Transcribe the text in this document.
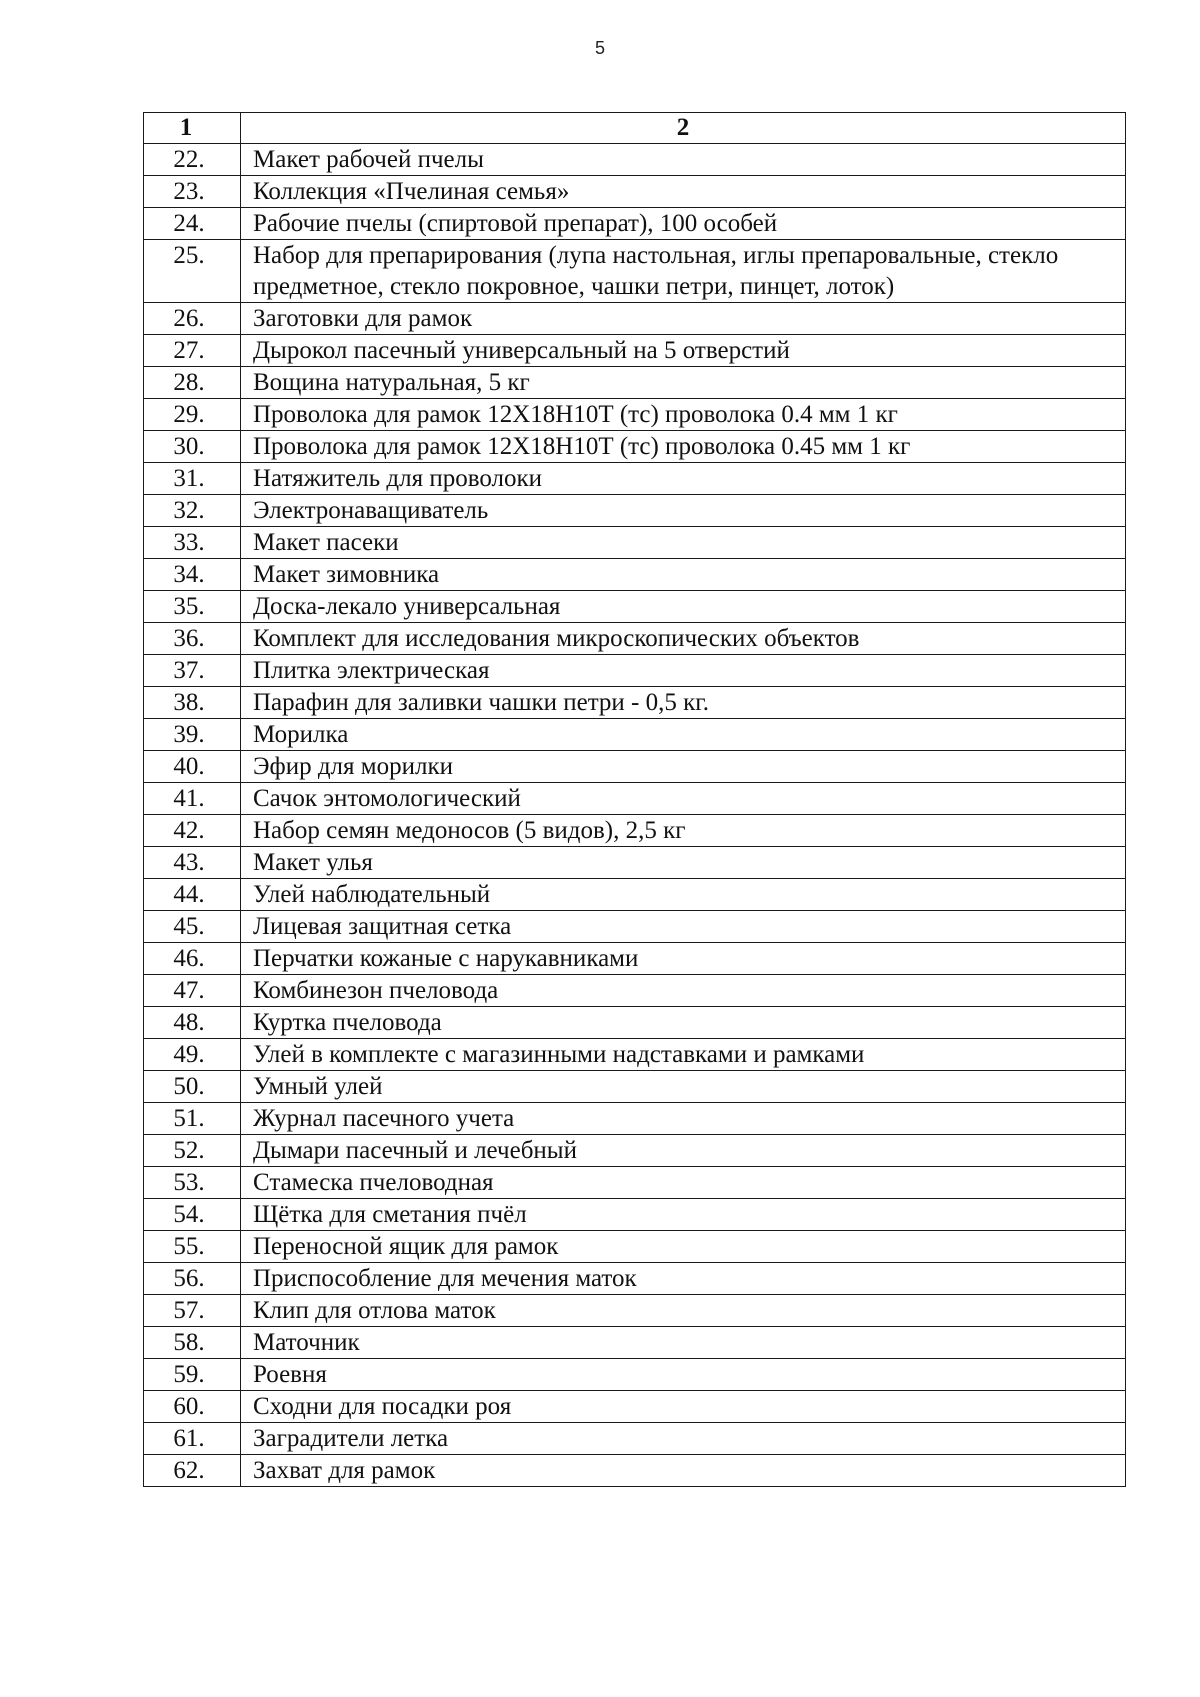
5
1	2
22.	Макет рабочей пчелы
23.	Коллекция «Пчелиная семья»
24.	Рабочие пчелы (спиртовой препарат), 100 особей
25.	Набор для препарирования (лупа настольная, иглы препаровальные, стекло предметное, стекло покровное, чашки петри, пинцет, лоток)
26.	Заготовки для рамок
27.	Дырокол пасечный универсальный на 5 отверстий
28.	Вощина натуральная, 5 кг
29.	Проволока для рамок 12Х18Н10Т (тс) проволока 0.4 мм 1 кг
30.	Проволока для рамок 12Х18Н10Т (тс) проволока 0.45 мм 1 кг
31.	Натяжитель для проволоки
32.	Электронаващиватель
33.	Макет пасеки
34.	Макет зимовника
35.	Доска-лекало универсальная
36.	Комплект для исследования микроскопических объектов
37.	Плитка электрическая
38.	Парафин для заливки чашки петри - 0,5 кг.
39.	Морилка
40.	Эфир для морилки
41.	Сачок энтомологический
42.	Набор семян медоносов (5 видов), 2,5 кг
43.	Макет улья
44.	Улей наблюдательный
45.	Лицевая защитная сетка
46.	Перчатки кожаные с нарукавниками
47.	Комбинезон пчеловода
48.	Куртка пчеловода
49.	Улей в комплекте с магазинными надставками и рамками
50.	Умный улей
51.	Журнал пасечного учета
52.	Дымари пасечный и лечебный
53.	Стамеска пчеловодная
54.	Щётка для сметания пчёл
55.	Переносной ящик для рамок
56.	Приспособление для мечения маток
57.	Клип для отлова маток
58.	Маточник
59.	Роевня
60.	Сходни для посадки роя
61.	Заградители летка
62.	Захват для рамок
